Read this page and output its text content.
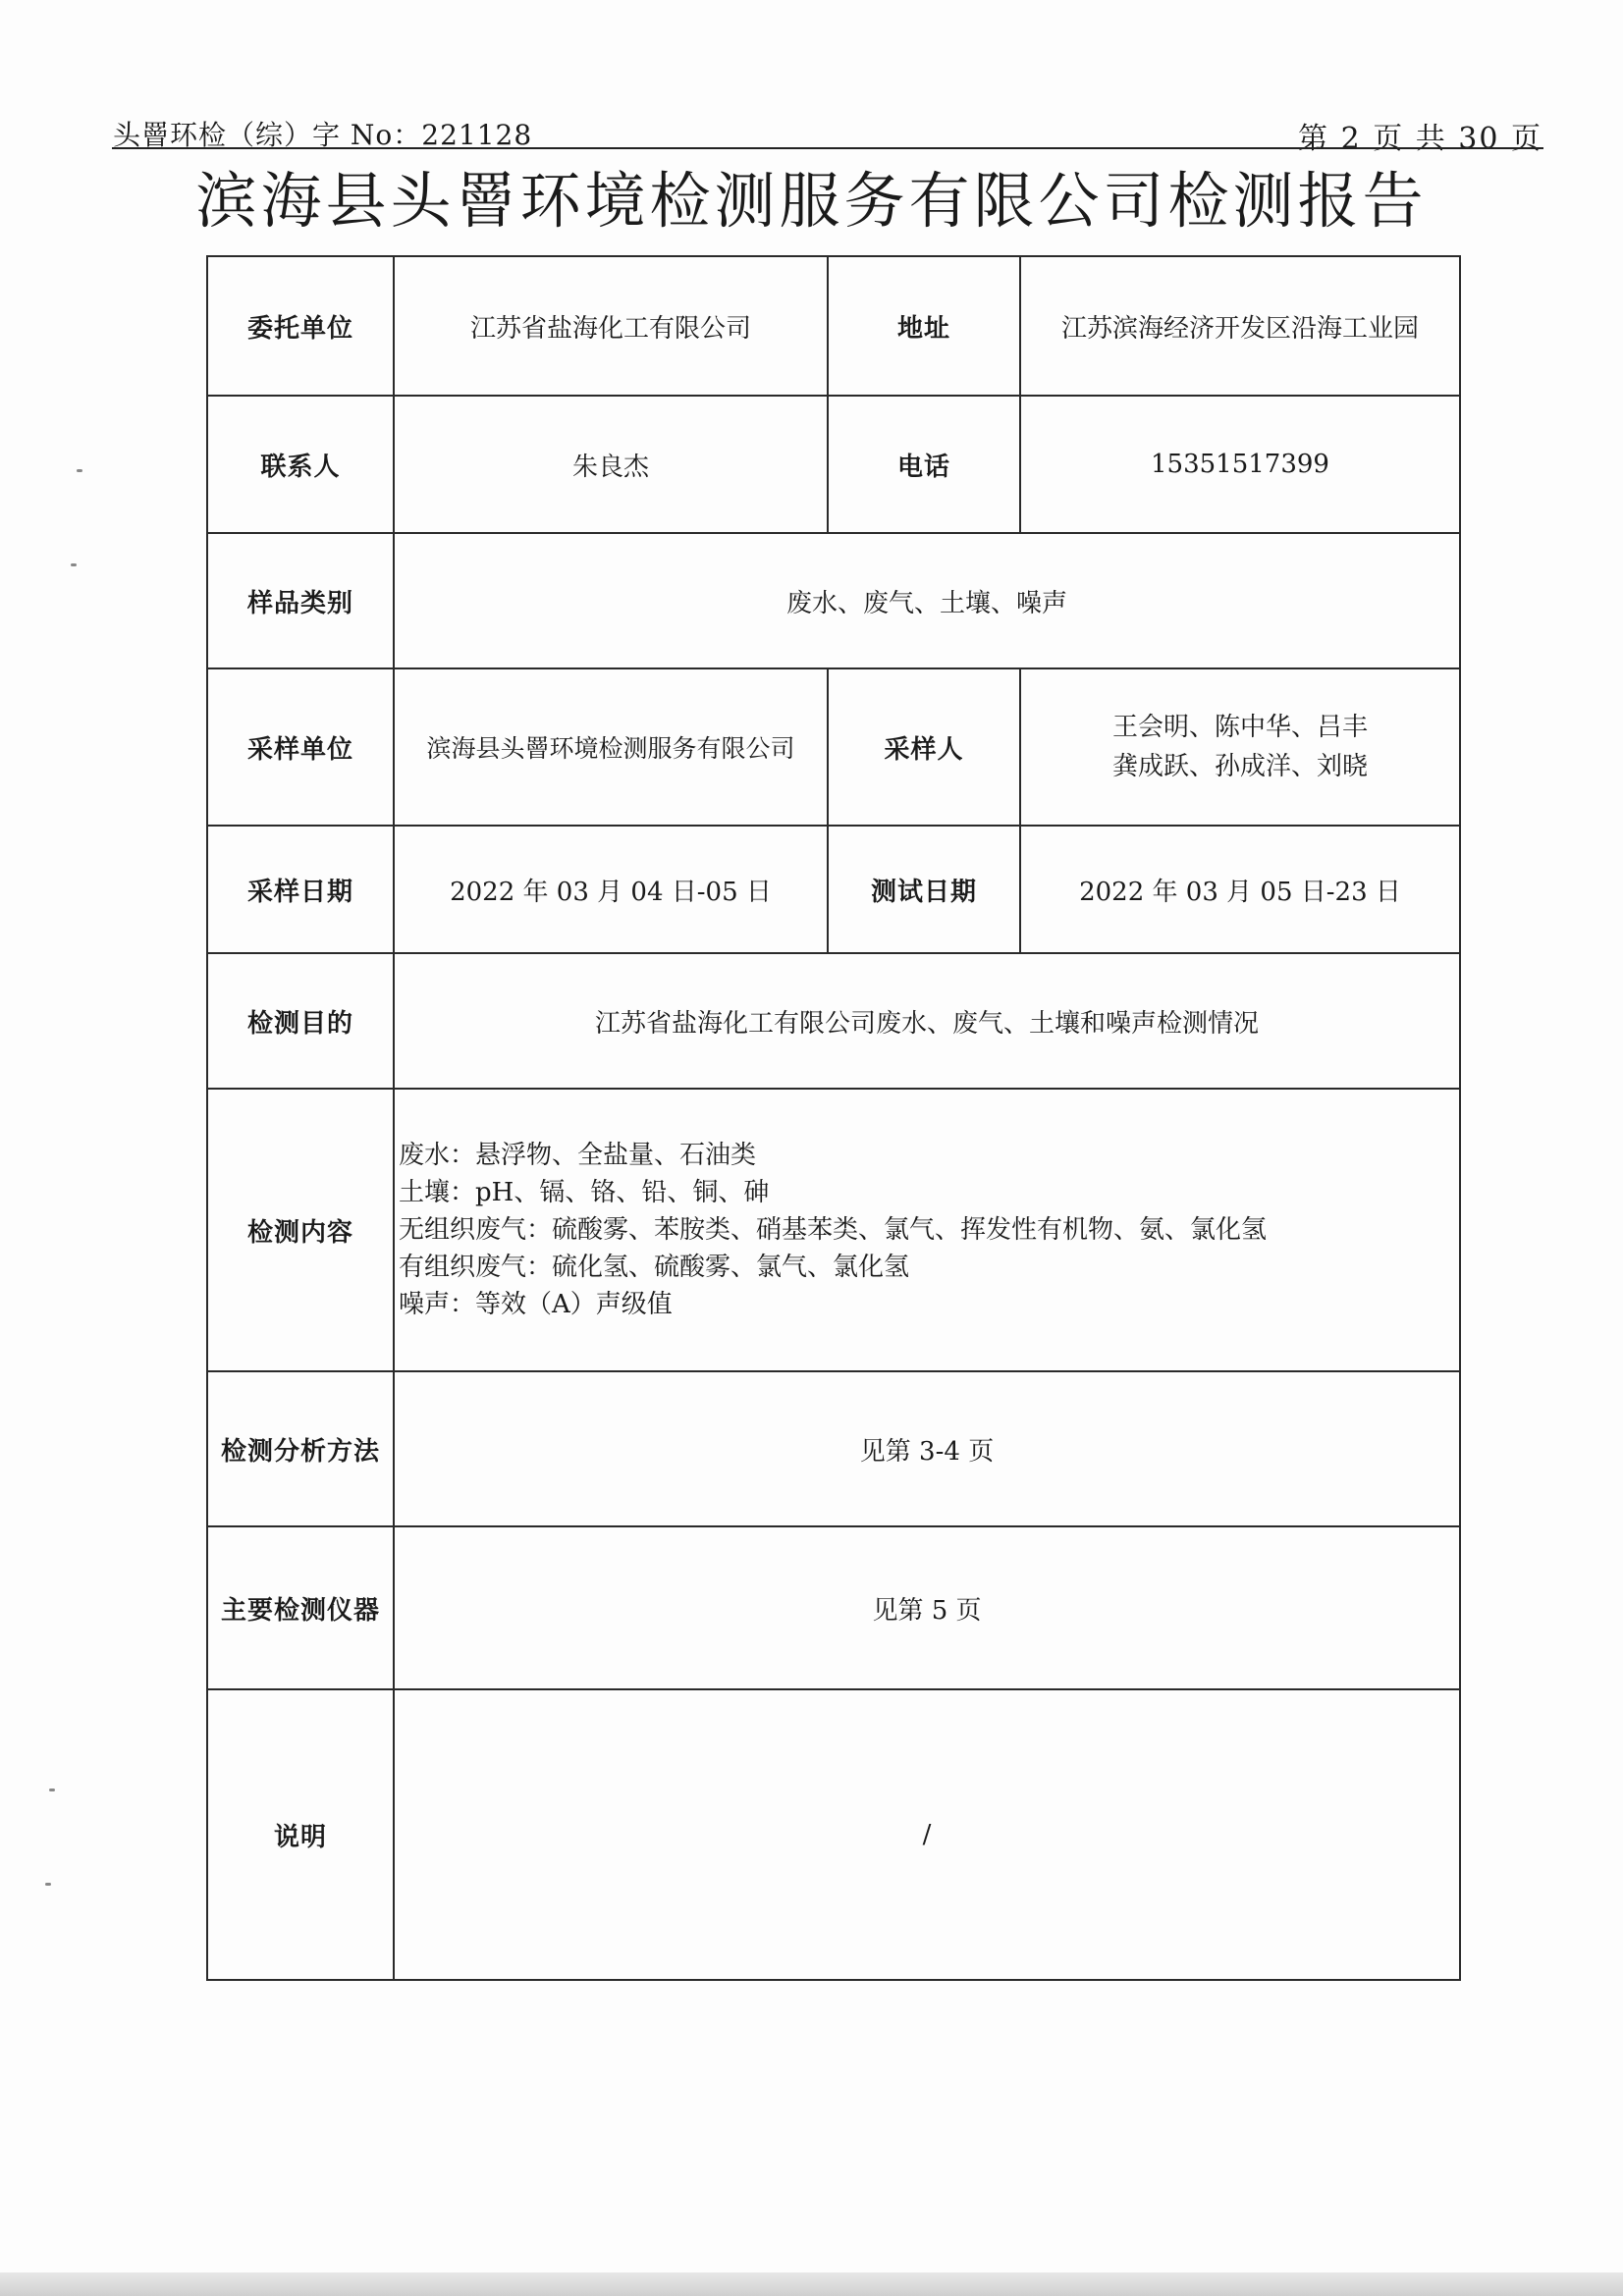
头罾环检（综）字 No：221128	第 2 页 共 30 页
滨海县头罾环境检测服务有限公司检测报告
委托单位	江苏省盐海化工有限公司	地址	江苏滨海经济开发区沿海工业园
联系人	朱良杰	电话	15351517399
样品类别	废水、废气、土壤、噪声		
采样单位	滨海县头罾环境检测服务有限公司	采样人	王会明、陈中华、吕丰
龚成跃、孙成洋、刘晓

采样日期	2022 年 03 月 04 日-05 日	测试日期	2022 年 03 月 05 日-23 日
检测目的	江苏省盐海化工有限公司废水、废气、土壤和噪声检测情况		
检测内容	废水：悬浮物、全盐量、石油类
土壤：pH、镉、铬、铅、铜、砷
无组织废气：硫酸雾、苯胺类、硝基苯类、氯气、挥发性有机物、氨、氯化氢
有组织废气：硫化氢、硫酸雾、氯气、氯化氢
噪声：等效（A）声级值		

检测分析方法	见第 3-4 页		
主要检测仪器	见第 5 页		
说明	/		
